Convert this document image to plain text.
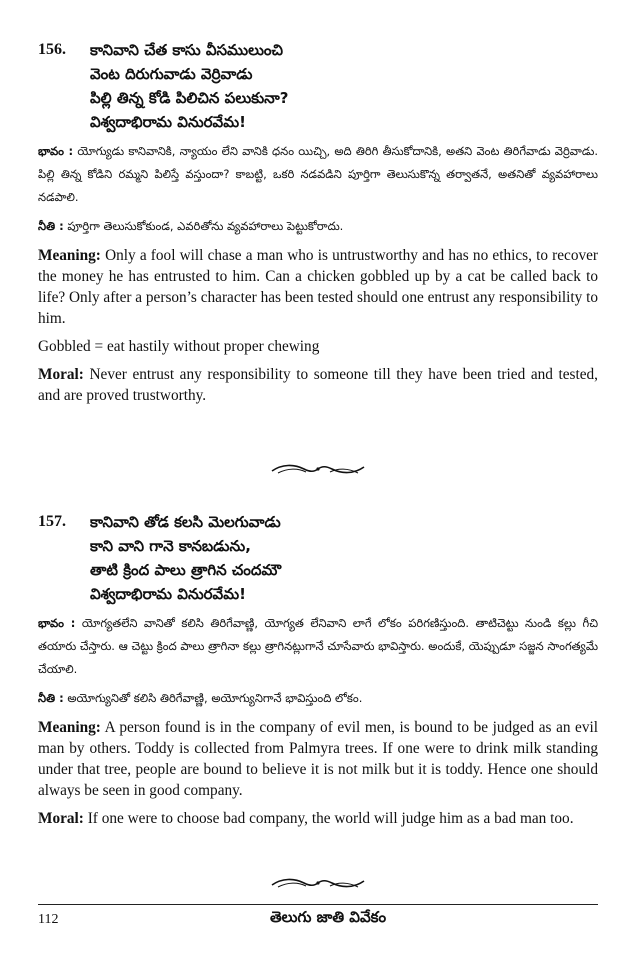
156.	కానివాని చేత కాసు వీసములుంచి
వెంట దిరుగువాడు వెర్రివాడు
పిల్లి తిన్న కోడి పిలిచిన పలుకునా?
విశ్వదాభిరామ వినురవేమ!
భావం : యోగ్యుడు కానివానికి, న్యాయం లేని వానికి ధనం యిచ్చి, అది తిరిగి తీసుకోదానికి, అతని వెంట తిరిగేవాడు వెర్రివాడు. పిల్లి తిన్న కోడిని రమ్మని పిలిస్తే వస్తుందా? కాబట్టి, ఒకరి నడవడిని పూర్తిగా తెలుసుకొన్న తర్వాతనే, అతనితో వ్యవహారాలు నడపాలి.
నీతి : పూర్తిగా తెలుసుకోకుండ, ఎవరితోను వ్యవహారాలు పెట్టుకోరాదు.
Meaning: Only a fool will chase a man who is untrustworthy and has no ethics, to recover the money he has entrusted to him. Can a chicken gobbled up by a cat be called back to life? Only after a person’s character has been tested should one entrust any responsibility to him.
Gobbled = eat hastily without proper chewing
Moral: Never entrust any responsibility to someone till they have been tried and tested, and are proved trustworthy.
157.	కానివాని తోడ కలసి మెలగువాడు
కాని వాని గానె కానబడును,
తాటి క్రింద పాలు త్రాగిన చందమౌ
విశ్వదాభిరామ వినురవేమ!
భావం : యోగ్యతలేని వానితో కలిసి తిరిగేవాణ్ణి, యోగ్యత లేనివాని లాగే లోకం పరిగణిస్తుంది. తాటిచెట్టు నుండి కల్లు గీచి తయారు చేస్తారు. ఆ చెట్టు క్రింద పాలు త్రాగినా కల్లు త్రాగినట్లుగానే చూసేవారు భావిస్తారు. అందుకే, యెప్పుడూ సజ్జన సాంగత్యమే చేయాలి.
నీతి : అయోగ్యునితో కలిసి తిరిగేవాణ్ణి, అయోగ్యునిగానే భావిస్తుంది లోకం.
Meaning: A person found is in the company of evil men, is bound to be judged as an evil man by others. Toddy is collected from Palmyra trees. If one were to drink milk standing under that tree, people are bound to believe it is not milk but it is toddy. Hence one should always be seen in good company.
Moral: If one were to choose bad company, the world will judge him as a bad man too.
112	తెలుగు జాతి వివేకం
